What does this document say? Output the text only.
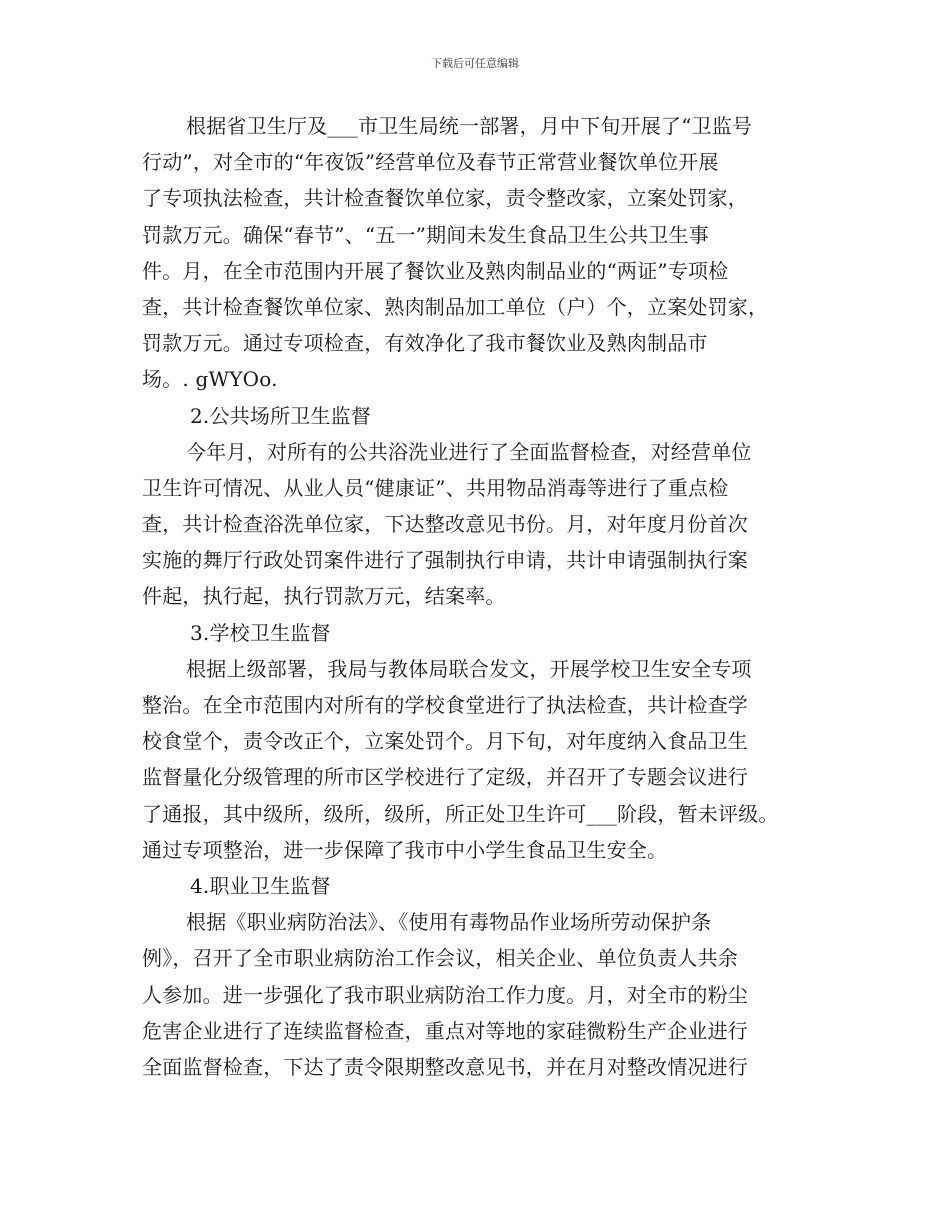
下载后可任意编辑
根据省卫生厅及___市卫生局统一部署，月中下旬开展了“卫监号
行动”，对全市的“年夜饭”经营单位及春节正常营业餐饮单位开展
了专项执法检查，共计检查餐饮单位家，责令整改家，立案处罚家，
罚款万元。确保“春节”、“五一”期间未发生食品卫生公共卫生事
件。月，在全市范围内开展了餐饮业及熟肉制品业的“两证”专项检
查，共计检查餐饮单位家、熟肉制品加工单位（户）个，立案处罚家，
罚款万元。通过专项检查，有效净化了我市餐饮业及熟肉制品市
场。. gWYOo.
2.公共场所卫生监督
今年月，对所有的公共浴洗业进行了全面监督检查，对经营单位
卫生许可情况、从业人员“健康证”、共用物品消毒等进行了重点检
查，共计检查浴洗单位家，下达整改意见书份。月，对年度月份首次
实施的舞厅行政处罚案件进行了强制执行申请，共计申请强制执行案
件起，执行起，执行罚款万元，结案率。
3.学校卫生监督
根据上级部署，我局与教体局联合发文，开展学校卫生安全专项
整治。在全市范围内对所有的学校食堂进行了执法检查，共计检查学
校食堂个，责令改正个，立案处罚个。月下旬，对年度纳入食品卫生
监督量化分级管理的所市区学校进行了定级，并召开了专题会议进行
了通报，其中级所，级所，级所，所正处卫生许可___阶段，暂未评级。
通过专项整治，进一步保障了我市中小学生食品卫生安全。
4.职业卫生监督
根据《职业病防治法》、《使用有毒物品作业场所劳动保护条
例》，召开了全市职业病防治工作会议，相关企业、单位负责人共余
人参加。进一步强化了我市职业病防治工作力度。月，对全市的粉尘
危害企业进行了连续监督检查，重点对等地的家硅微粉生产企业进行
全面监督检查，下达了责令限期整改意见书，并在月对整改情况进行
